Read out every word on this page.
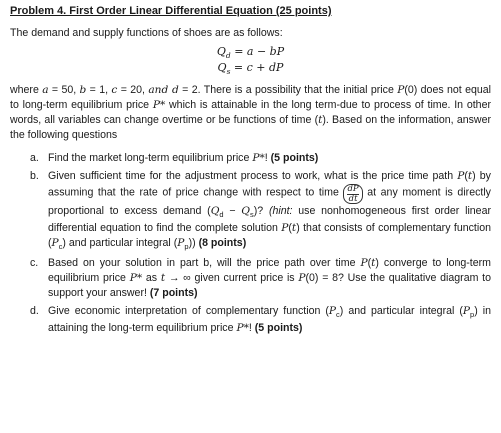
Problem 4. First Order Linear Differential Equation (25 points)
The demand and supply functions of shoes are as follows:
$Q_d = a$ − bP
$Q_s = c$ + dP
where a = 50, b = 1, c = 20, and d = 2. There is a possibility that the initial price P(0) does not equal to long-term equilibrium price P* which is attainable in the long term-due to process of time. In other words, all variables can change overtime or be functions of time (t). Based on the information, answer the following questions
a. Find the market long-term equilibrium price P*! (5 points)
b. Given sufficient time for the adjustment process to work, what is the price time path P(t) by assuming that the rate of price change with respect to time $\frac{dP}{dt}$ at any moment is directly proportional to excess demand $(Q_d - Q_s)$? (hint: use nonhomogeneous first order linear differential equation to find the complete solution P(t) that consists of complementary function $(P_c)$ and particular integral $(P_p)$) (8 points)
c. Based on your solution in part b, will the price path over time P(t) converge to long-term equilibrium price P* as t → ∞ given current price is P(0) = 8? Use the qualitative diagram to support your answer! (7 points)
d. Give economic interpretation of complementary function $(P_c)$ and particular integral $(P_p)$ in attaining the long-term equilibrium price P*! (5 points)
